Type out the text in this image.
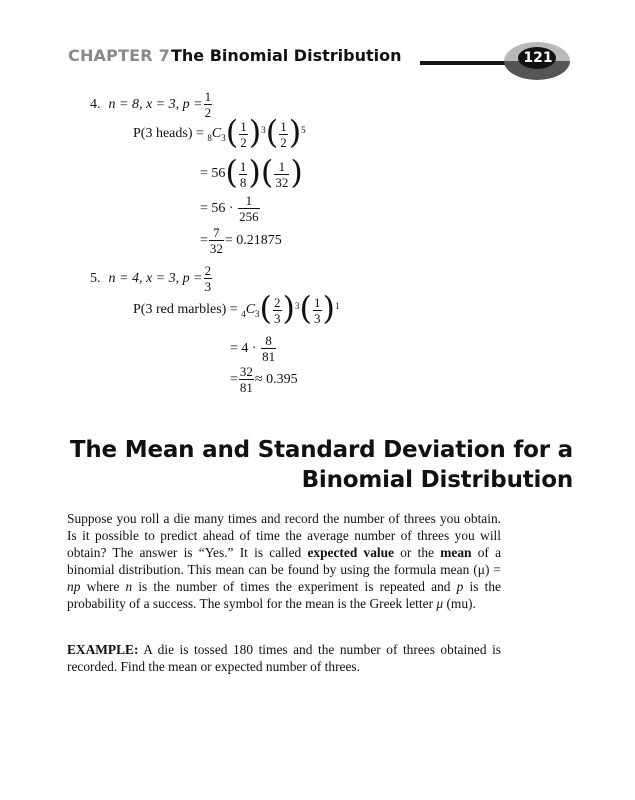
CHAPTER 7 The Binomial Distribution	121
4. n = 8, x = 3, $p = \frac{1}{2}$
P(3 heads) =
8 C 3 ( $\frac{1}{2}$ ) 3 ( $\frac{1}{2}$ ) 5
= 56 ( $\frac{1}{8}$ ) ( $\frac{1}{32}$ )
= 56 ·
$\frac{1}{256}$
= $\frac{7}{32} = 0.21875$
5. n = 4, x = 3, $p = \frac{2}{3}$
P(3 red marbles) =
4 C 3 ( $\frac{2}{3}$ ) 3 ( $\frac{1}{3}$ ) 1
= 4 ·
$\frac{8}{81}$
= $\frac{32}{81} \approx 0.395$
The Mean and Standard Deviation for a
Binomial Distribution
Suppose you roll a die many times and record the number of threes you obtain. Is it possible to predict ahead of time the average number of threes you will obtain? The answer is “Yes.” It is called expected value or the mean of a binomial distribution. This mean can be found by using the formula mean (μ) = np where n is the number of times the experiment is repeated and p is the probability of a success. The symbol for the mean is the Greek letter μ (mu).
EXAMPLE: A die is tossed 180 times and the number of threes obtained is recorded. Find the mean or expected number of threes.
